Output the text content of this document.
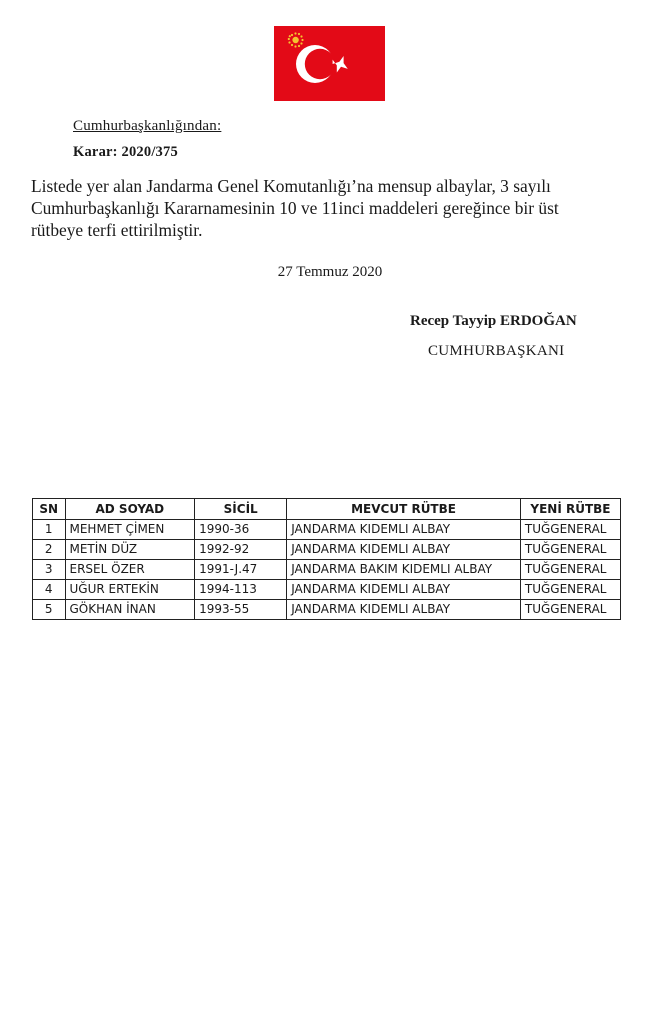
Cumhurbaşkanlığından:
Karar: 2020/375
Listede yer alan Jandarma Genel Komutanlığı’na mensup albaylar, 3 sayılı
Cumhurbaşkanlığı Kararnamesinin 10 ve 11inci maddeleri gereğince bir üst
rütbeye terfi ettirilmiştir.
27 Temmuz 2020
Recep Tayyip ERDOĞAN
CUMHURBAŞKANI
SN	AD SOYAD	SİCİL	MEVCUT RÜTBE	YENİ RÜTBE
1	MEHMET ÇİMEN	1990-36	JANDARMA KIDEMLI ALBAY	TUĞGENERAL
2	METİN DÜZ	1992-92	JANDARMA KIDEMLI ALBAY	TUĞGENERAL
3	ERSEL ÖZER	1991-J.47	JANDARMA BAKIM KIDEMLI ALBAY	TUĞGENERAL
4	UĞUR ERTEKİN	1994-113	JANDARMA KIDEMLI ALBAY	TUĞGENERAL
5	GÖKHAN İNAN	1993-55	JANDARMA KIDEMLI ALBAY	TUĞGENERAL
